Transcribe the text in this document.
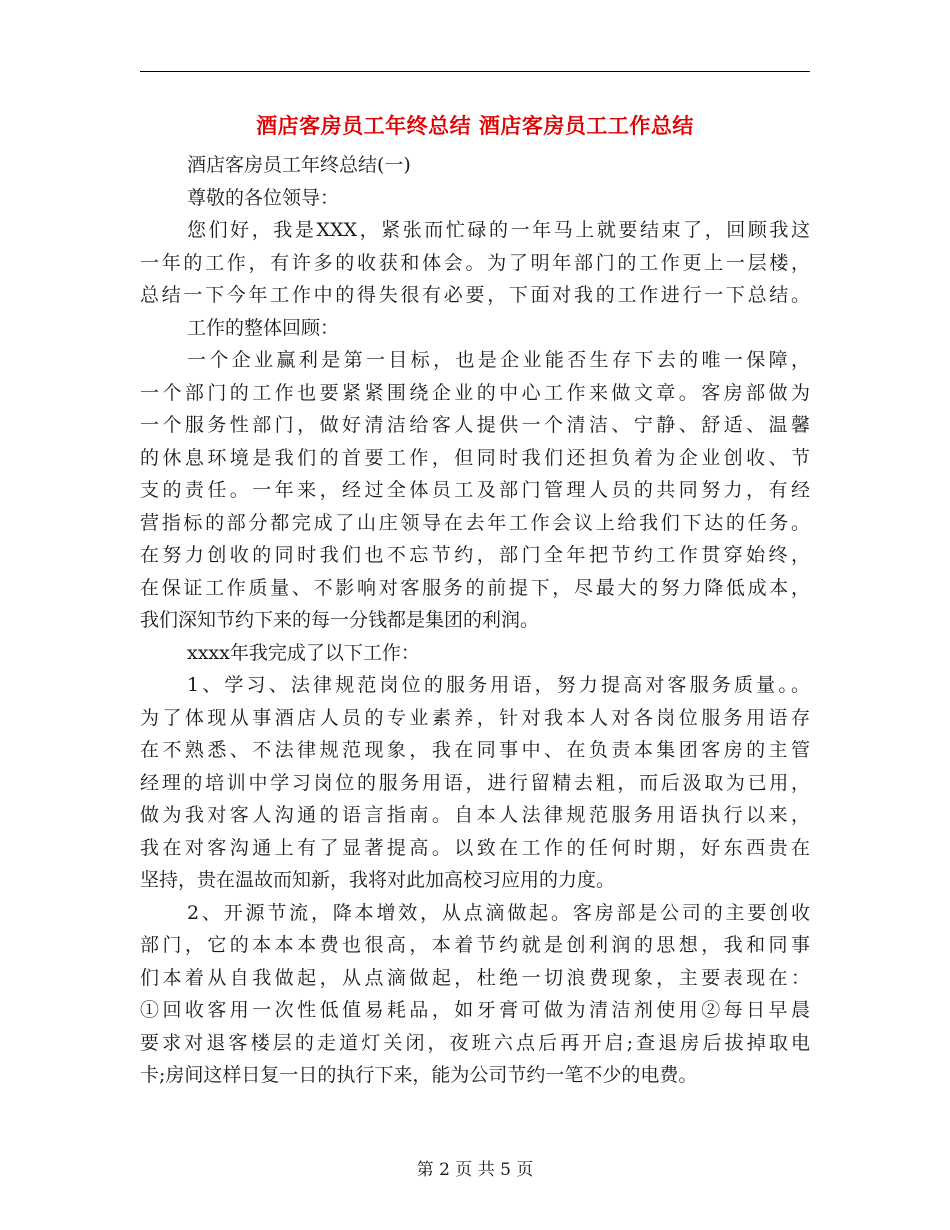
酒店客房员工年终总结 酒店客房员工工作总结
酒店客房员工年终总结(一)
尊敬的各位领导：
您们好，我是XXX，紧张而忙碌的一年马上就要结束了，回顾我这
一年的工作，有许多的收获和体会。为了明年部门的工作更上一层楼，
总结一下今年工作中的得失很有必要，下面对我的工作进行一下总结。
工作的整体回顾：
一个企业赢利是第一目标，也是企业能否生存下去的唯一保障，
一个部门的工作也要紧紧围绕企业的中心工作来做文章。客房部做为
一个服务性部门，做好清洁给客人提供一个清洁、宁静、舒适、温馨
的休息环境是我们的首要工作，但同时我们还担负着为企业创收、节
支的责任。一年来，经过全体员工及部门管理人员的共同努力，有经
营指标的部分都完成了山庄领导在去年工作会议上给我们下达的任务。
在努力创收的同时我们也不忘节约，部门全年把节约工作贯穿始终，
在保证工作质量、不影响对客服务的前提下，尽最大的努力降低成本，
我们深知节约下来的每一分钱都是集团的利润。
xxxx年我完成了以下工作：
1、学习、法律规范岗位的服务用语，努力提高对客服务质量。。
为了体现从事酒店人员的专业素养，针对我本人对各岗位服务用语存
在不熟悉、不法律规范现象，我在同事中、在负责本集团客房的主管
经理的培训中学习岗位的服务用语，进行留精去粗，而后汲取为已用，
做为我对客人沟通的语言指南。自本人法律规范服务用语执行以来，
我在对客沟通上有了显著提高。以致在工作的任何时期，好东西贵在
坚持，贵在温故而知新，我将对此加高校习应用的力度。
2、开源节流，降本增效，从点滴做起。客房部是公司的主要创收
部门，它的本本本费也很高，本着节约就是创利润的思想，我和同事
们本着从自我做起，从点滴做起，杜绝一切浪费现象，主要表现在：
①回收客用一次性低值易耗品，如牙膏可做为清洁剂使用②每日早晨
要求对退客楼层的走道灯关闭，夜班六点后再开启;查退房后拔掉取电
卡;房间这样日复一日的执行下来，能为公司节约一笔不少的电费。
第 2 页 共 5 页
